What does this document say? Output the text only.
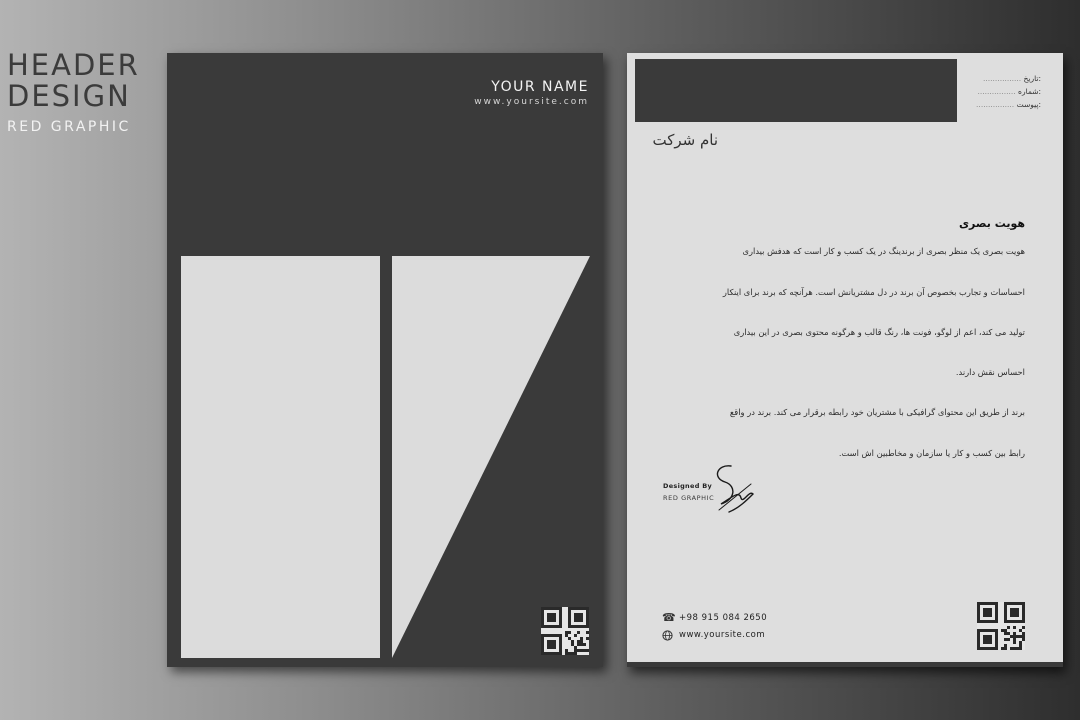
HEADER
DESIGN
RED GRAPHIC
YOUR NAME
www.yoursite.com
:تاریخ ................
:شماره ................
:پیوست ................
نام شرکت
هویت بصری
هویت بصری یک منظر بصری از برندینگ در یک کسب و کار است که هدفش بیداری
احساسات و تجارب بخصوص آن برند در دل مشتریانش است. هرآنچه که برند برای اینکار
تولید می کند، اعم از لوگو، فونت ها، رنگ قالب و هرگونه محتوی بصری در این بیداری
احساس نقش دارند.
برند از طریق این محتوای گرافیکی با مشتریان خود رابطه برقرار می کند. برند در واقع
رابط بین کسب و کار یا سازمان و مخاطبین اش است.
Designed By
RED GRAPHIC
☎ +98 915 084 2650
www.yoursite.com
